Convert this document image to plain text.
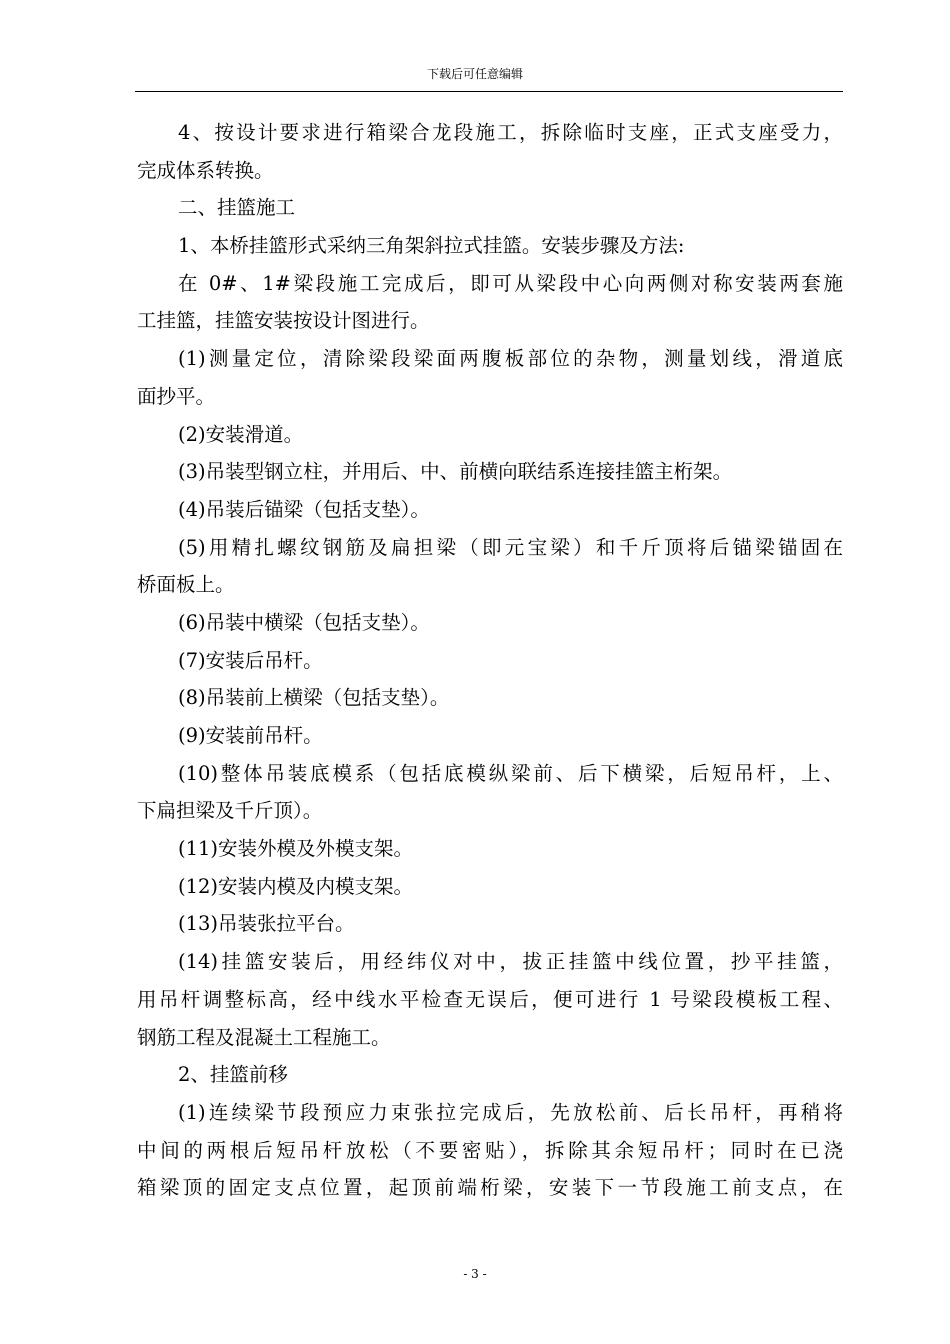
下载后可任意编辑
4、按设计要求进行箱梁合龙段施工，拆除临时支座，正式支座受力，
完成体系转换。
二、挂篮施工
1、本桥挂篮形式采纳三角架斜拉式挂篮。安装步骤及方法:
在 0#、1#梁段施工完成后，即可从梁段中心向两侧对称安装两套施
工挂篮，挂篮安装按设计图进行。
(1)测量定位，清除梁段梁面两腹板部位的杂物，测量划线，滑道底
面抄平。
(2)安装滑道。
(3)吊装型钢立柱，并用后、中、前横向联结系连接挂篮主桁架。
(4)吊装后锚梁（包括支垫）。
(5)用精扎螺纹钢筋及扁担梁（即元宝梁）和千斤顶将后锚梁锚固在
桥面板上。
(6)吊装中横梁（包括支垫）。
(7)安装后吊杆。
(8)吊装前上横梁（包括支垫）。
(9)安装前吊杆。
(10)整体吊装底模系（包括底模纵梁前、后下横梁，后短吊杆，上、
下扁担梁及千斤顶）。
(11)安装外模及外模支架。
(12)安装内模及内模支架。
(13)吊装张拉平台。
(14)挂篮安装后，用经纬仪对中，拔正挂篮中线位置，抄平挂篮，
用吊杆调整标高，经中线水平检查无误后，便可进行 1 号梁段模板工程、
钢筋工程及混凝土工程施工。
2、挂篮前移
(1)连续梁节段预应力束张拉完成后，先放松前、后长吊杆，再稍将
中间的两根后短吊杆放松（不要密贴），拆除其余短吊杆；同时在已浇
箱梁顶的固定支点位置，起顶前端桁梁，安装下一节段施工前支点，在
- 3 -
